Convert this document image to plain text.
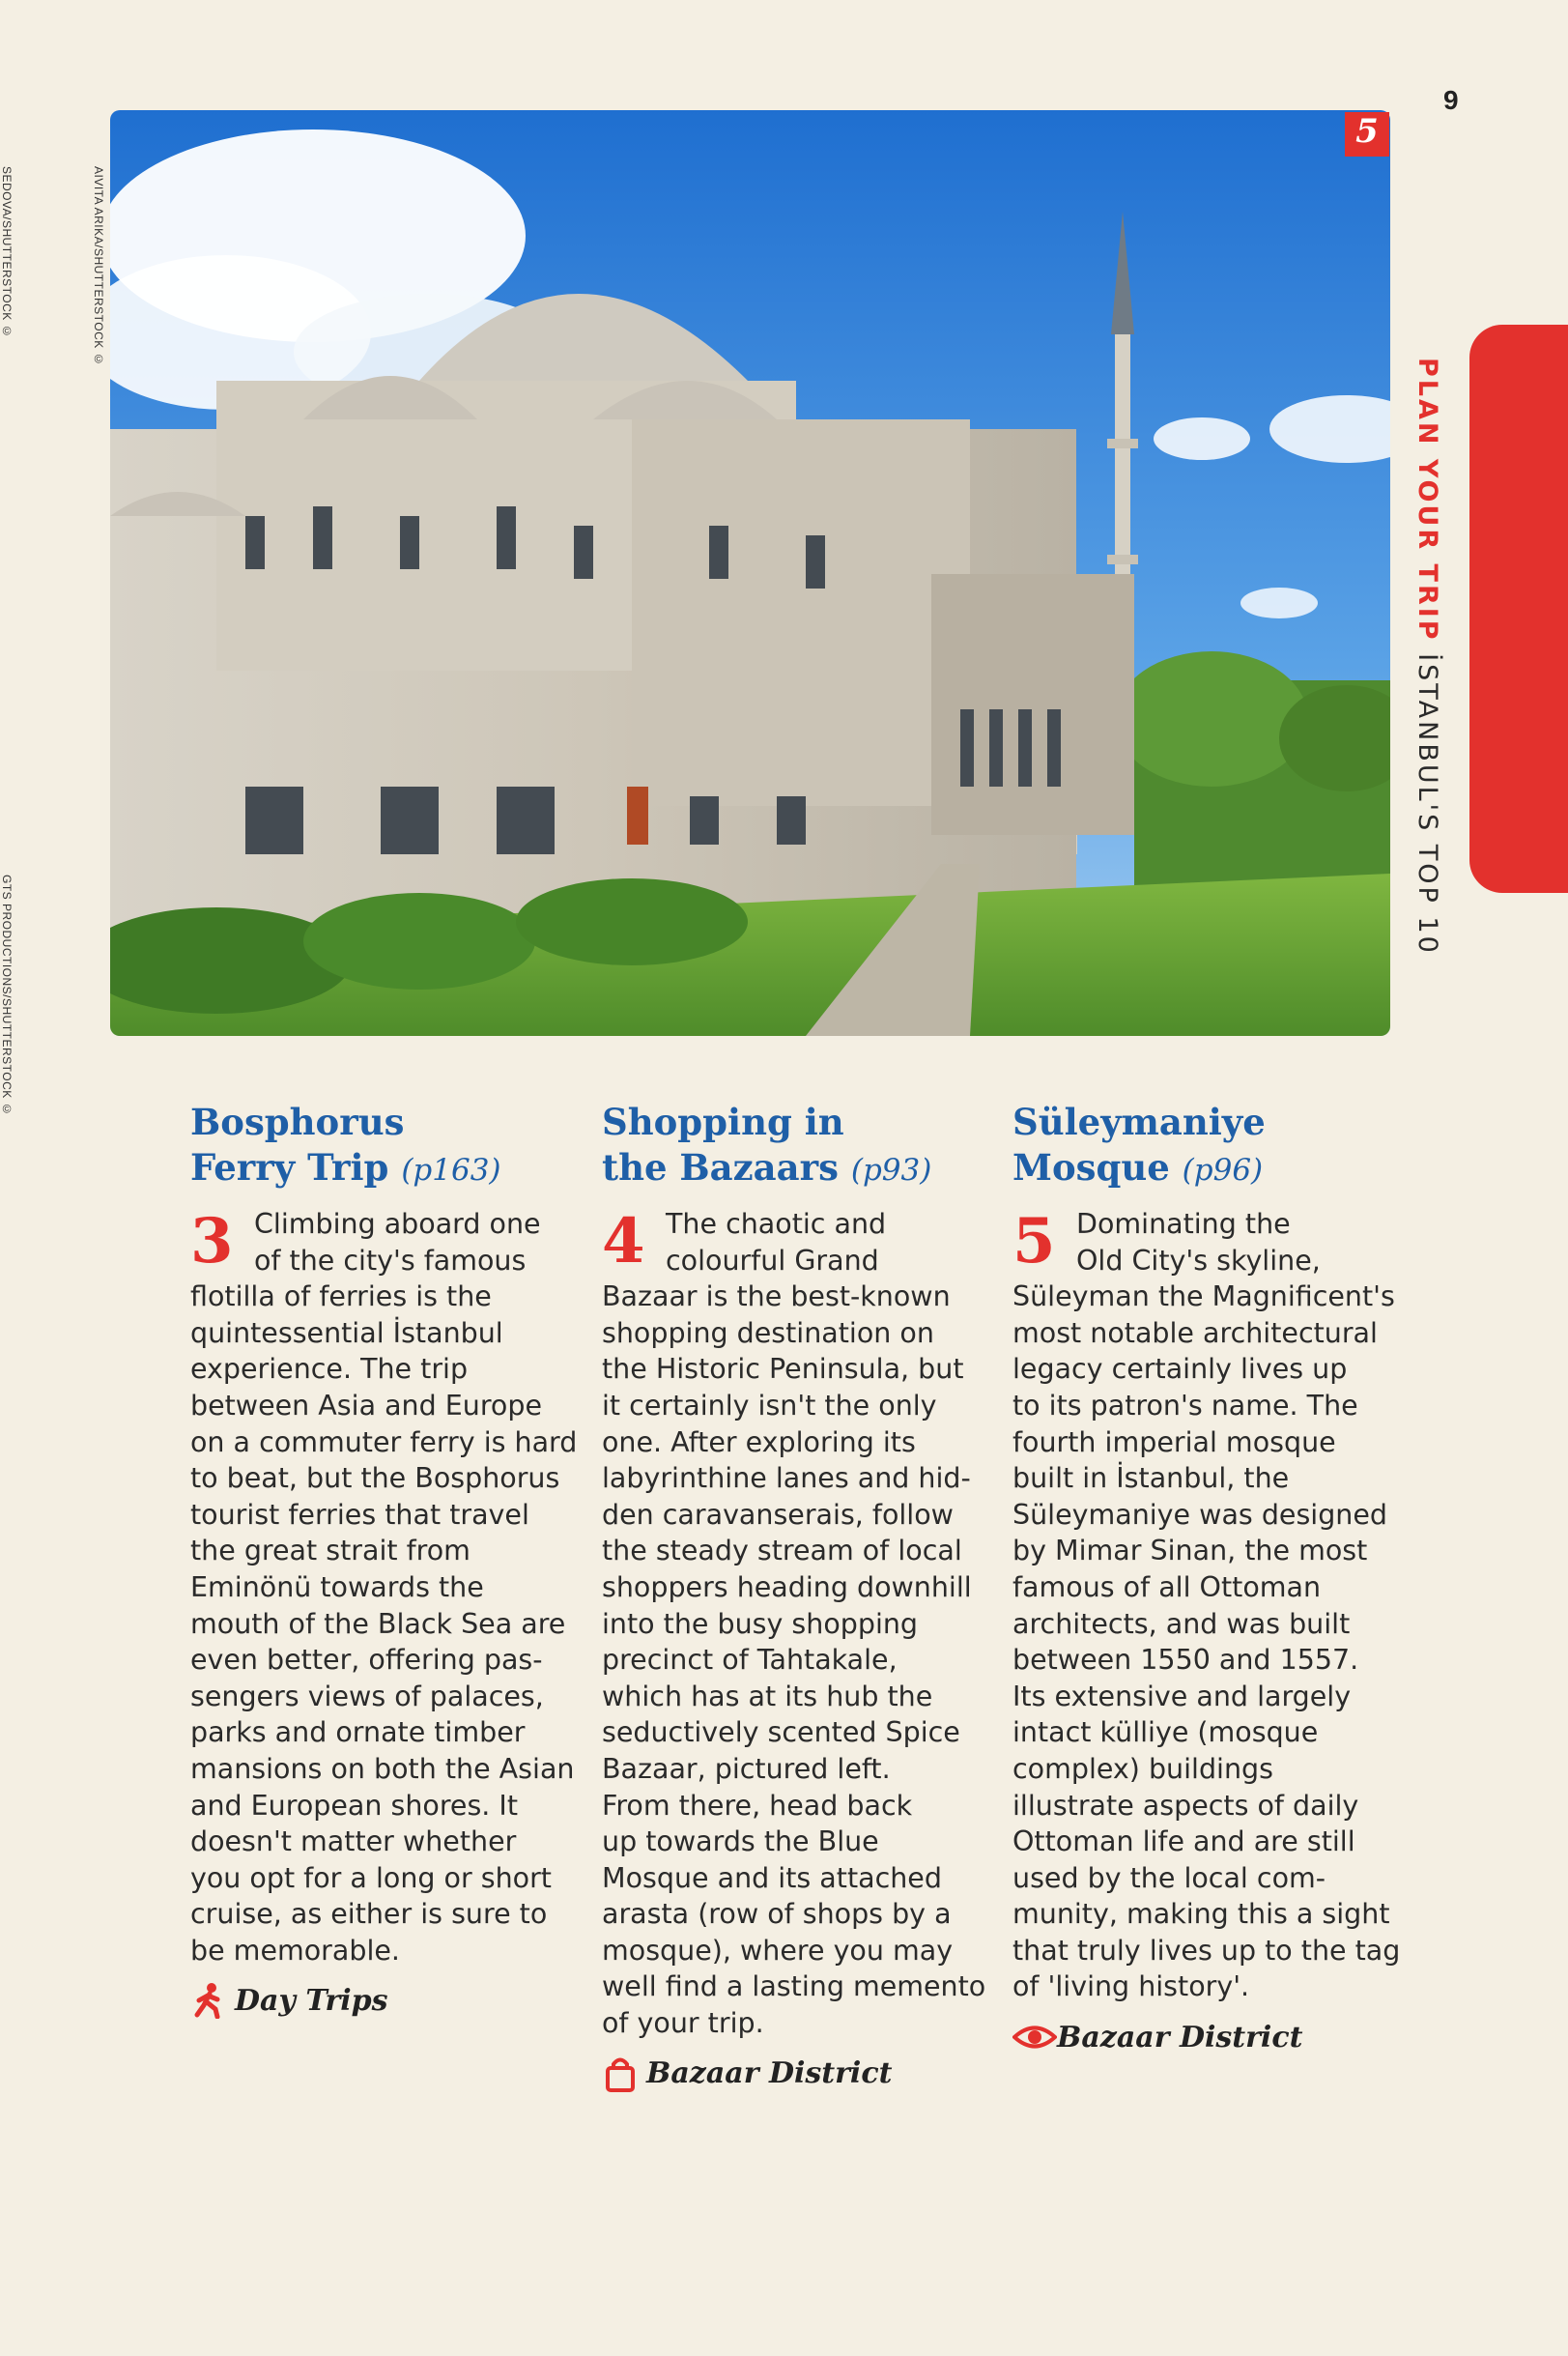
9
SEDOVA/SHUTTERSTOCK ©	AIVITA ARIKA/SHUTTERSTOCK ©
GTS PRODUCTIONS/SHUTTERSTOCK ©
PLAN YOUR TRIP İSTANBUL'S TOP 10
5
Bosphorus
Ferry Trip (p163)
3 Climbing aboard one
of the city's famous
flotilla of ferries is the
quintessential İstanbul
experience. The trip
between Asia and Europe
on a commuter ferry is hard
to beat, but the Bosphorus
tourist ferries that travel
the great strait from
Eminönü towards the
mouth of the Black Sea are
even better, offering pas-
sengers views of palaces,
parks and ornate timber
mansions on both the Asian
and European shores. It
doesn't matter whether
you opt for a long or short
cruise, as either is sure to
be memorable.
Day Trips
Shopping in
the Bazaars (p93)
4 The chaotic and
colourful Grand
Bazaar is the best-known
shopping destination on
the Historic Peninsula, but
it certainly isn't the only
one. After exploring its
labyrinthine lanes and hid-
den caravanserais, follow
the steady stream of local
shoppers heading downhill
into the busy shopping
precinct of Tahtakale,
which has at its hub the
seductively scented Spice
Bazaar, pictured left.
From there, head back
up towards the Blue
Mosque and its attached
arasta (row of shops by a
mosque), where you may
well find a lasting memento
of your trip.
Bazaar District
Süleymaniye
Mosque (p96)
5 Dominating the
Old City's skyline,
Süleyman the Magnificent's
most notable architectural
legacy certainly lives up
to its patron's name. The
fourth imperial mosque
built in İstanbul, the
Süleymaniye was designed
by Mimar Sinan, the most
famous of all Ottoman
architects, and was built
between 1550 and 1557.
Its extensive and largely
intact külliye (mosque
complex) buildings
illustrate aspects of daily
Ottoman life and are still
used by the local com-
munity, making this a sight
that truly lives up to the tag
of 'living history'.
Bazaar District
